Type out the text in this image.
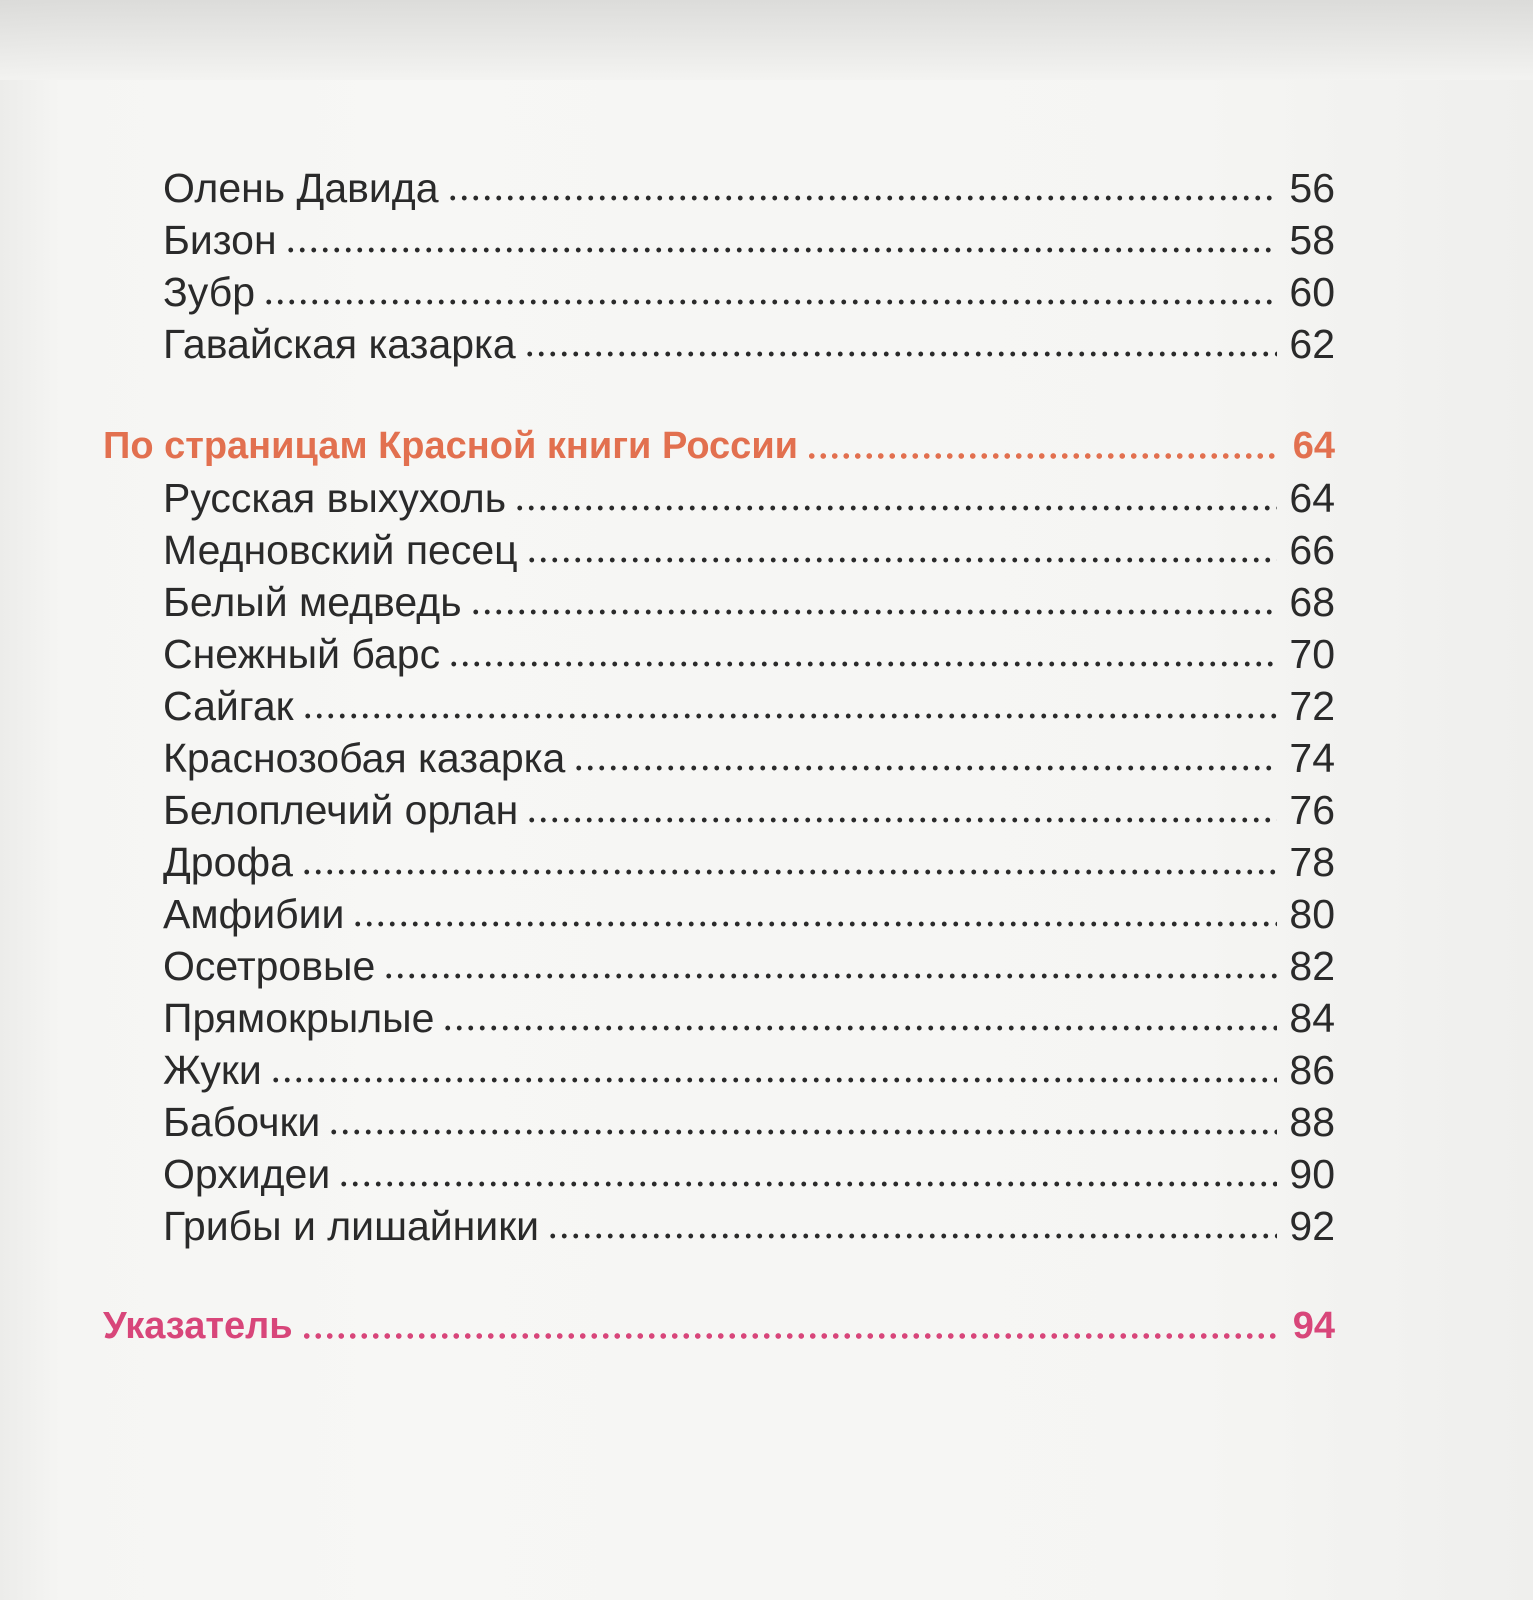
Олень Давида	56
Бизон	58
Зубр	60
Гавайская казарка	62
По страницам Красной книги России	64
Русская выхухоль	64
Медновский песец	66
Белый медведь	68
Снежный барс	70
Сайгак	72
Краснозобая казарка	74
Белоплечий орлан	76
Дрофа	78
Амфибии	80
Осетровые	82
Прямокрылые	84
Жуки	86
Бабочки	88
Орхидеи	90
Грибы и лишайники	92
Указатель	94
